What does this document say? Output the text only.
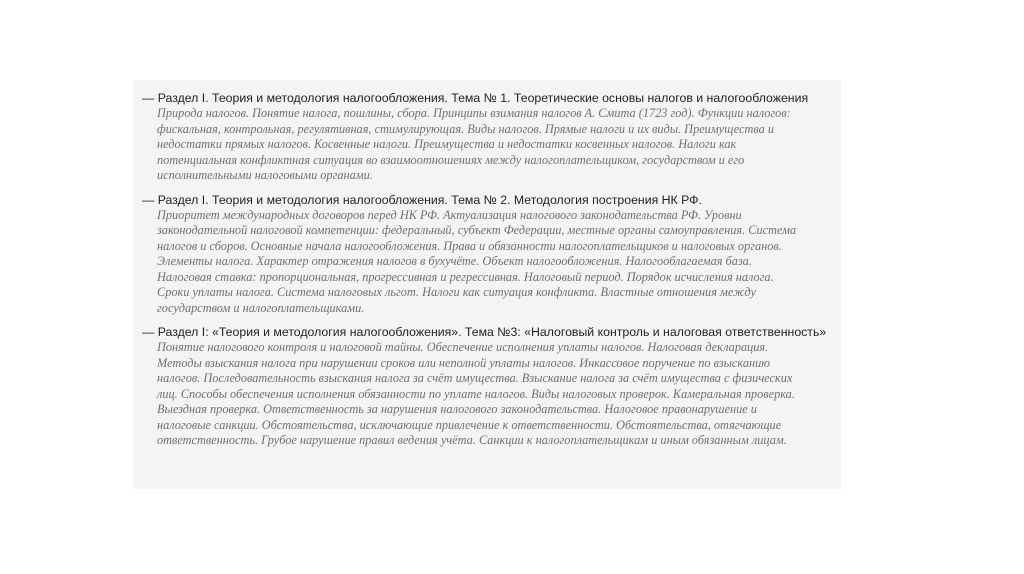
— Раздел I. Теория и методология налогообложения. Тема № 1. Теоретические основы налогов и налогообложения
Природа налогов. Понятие налога, пошлины, сбора. Принципы взимания налогов А. Смита (1723 год). Функции налогов:
фискальная, контрольная, регулятивная, стимулирующая. Виды налогов. Прямые налоги и их виды. Преимущества и
недостатки прямых налогов. Косвенные налоги. Преимущества и недостатки косвенных налогов. Налоги как
потенциальная конфликтная ситуация во взаимоотношениях между налогоплательщиком, государством и его
исполнительными налоговыми органами.
— Раздел I. Теория и методология налогообложения. Тема № 2. Методология построения НК РФ.
Приоритет международных договоров перед НК РФ. Актуализация налогового законодательства РФ. Уровни
законодательной налоговой компетенции: федеральный, субъект Федерации, местные органы самоуправления. Система
налогов и сборов. Основные начала налогообложения. Права и обязанности налогоплательщиков и налоговых органов.
Элементы налога. Характер отражения налогов в бухучёте. Объект налогообложения. Налогооблагаемая база.
Налоговая ставка: пропорциональная, прогрессивная и регрессивная. Налоговый период. Порядок исчисления налога.
Сроки уплаты налога. Система налоговых льгот. Налоги как ситуация конфликта. Властные отношения между
государством и налогоплательщиками.
— Раздел I: «Теория и методология налогообложения». Тема №3: «Налоговый контроль и налоговая ответственность»
Понятие налогового контроля и налоговой тайны. Обеспечение исполнения уплаты налогов. Налоговая декларация.
Методы взыскания налога при нарушении сроков или неполной уплаты налогов. Инкассовое поручение по взысканию
налогов. Последовательность взыскания налога за счёт имущества. Взыскание налога за счёт имущества с физических
лиц. Способы обеспечения исполнения обязанности по уплате налогов. Виды налоговых проверок. Камеральная проверка.
Выездная проверка. Ответственность за нарушения налогового законодательства. Налоговое правонарушение и
налоговые санкции. Обстоятельства, исключающие привлечение к ответственности. Обстоятельства, отягчающие
ответственность. Грубое нарушение правил ведения учёта. Санкции к налогоплательщикам и иным обязанным лицам.
